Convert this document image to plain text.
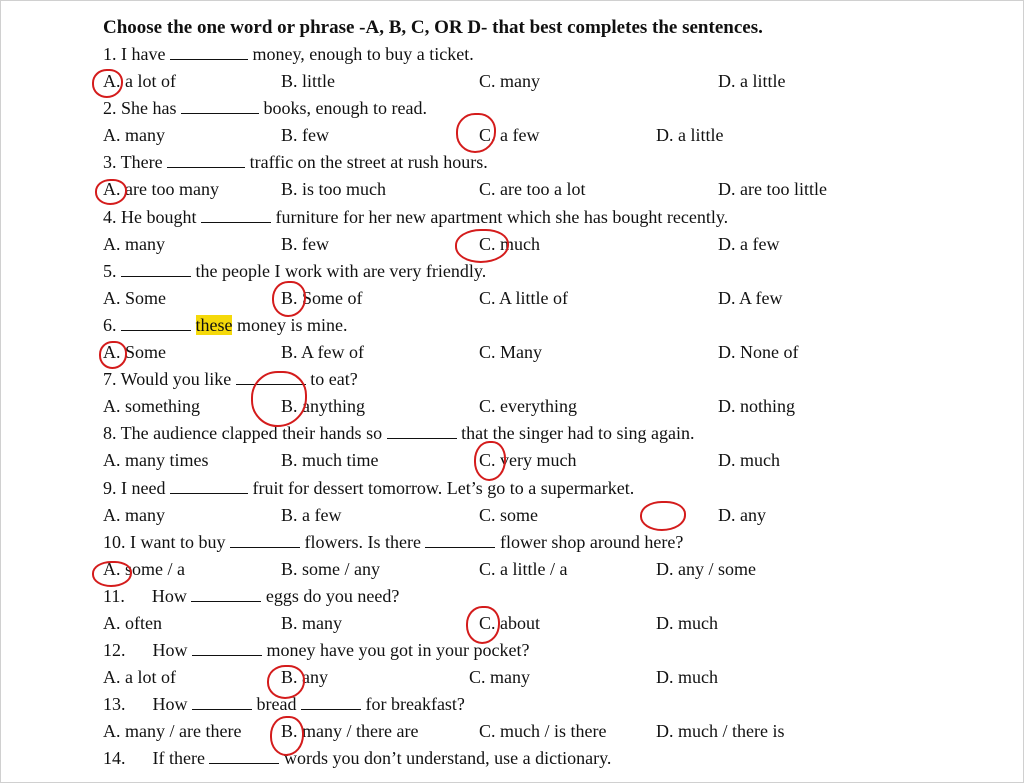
Choose the one word or phrase -A, B, C, OR D- that best completes the sentences.
1. I have	money, enough to buy a ticket.
A. a lot of	B. little	C. many	D. a little
2. She has	books, enough to read.
A. many	B. few	C. a few	D. a little
3. There	traffic on the street at rush hours.
A. are too many	B. is too much	C. are too a lot	D. are too little
4. He bought	furniture for her new apartment which she has bought recently.
A. many	B. few	C. much	D. a few
5.	the people I work with are very friendly.
A. Some	B. Some of	C. A little of	D. A few
6.	these money is mine.
A. Some	B. A few of	C. Many	D. None of
7. Would you like	to eat?
A. something	B. anything	C. everything	D. nothing
8. The audience clapped their hands so	that the singer had to sing again.
A. many times	B. much time	C. very much	D. much
9. I need	fruit for dessert tomorrow. Let’s go to a supermarket.
A. many	B. a few	C. some	D. any
10. I want to buy	flowers. Is there	flower shop around here?
A. some / a	B. some / any	C. a little / a	D. any / some
11.      How	eggs do you need?
A. often	B. many	C. about	D. much
12.      How	money have you got in your pocket?
A. a lot of	B. any	C. many	D. much
13.      How	bread	for breakfast?
A. many / are there B. many / there are	C. much / is there	D. much / there is
14.      If there	words you don’t understand, use a dictionary.
